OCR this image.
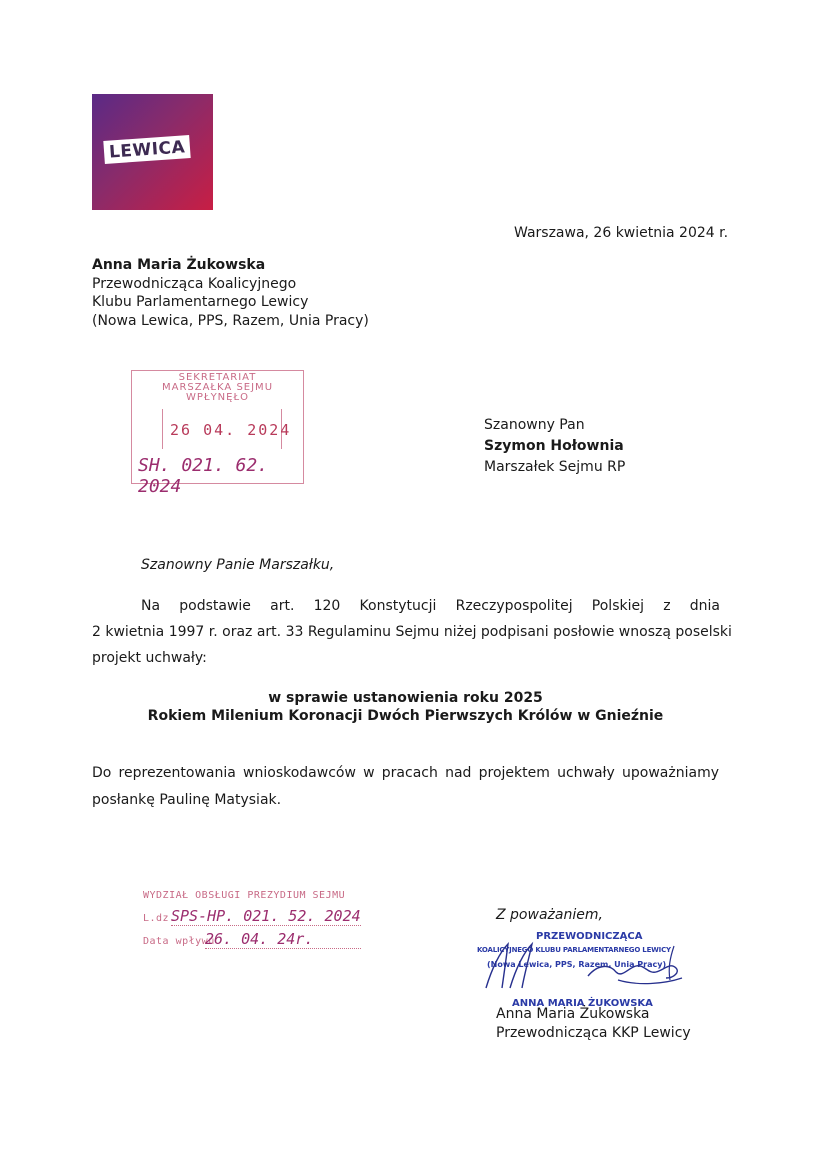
LEWICA
Warszawa, 26 kwietnia 2024 r.
Anna Maria Żukowska
Przewodnicząca Koalicyjnego
Klubu Parlamentarnego Lewicy
(Nowa Lewica, PPS, Razem, Unia Pracy)
SEKRETARIAT
MARSZAŁKA SEJMU
WPŁYNĘŁO
26 04. 2024
SH. 021. 62. 2024
Szanowny Pan
Szymon Hołownia
Marszałek Sejmu RP
Szanowny Panie Marszałku,
Na podstawie art. 120 Konstytucji Rzeczypospolitej Polskiej z dnia
2 kwietnia 1997 r. oraz art. 33 Regulaminu Sejmu niżej podpisani posłowie wnoszą poselski
projekt uchwały:
w sprawie ustanowienia roku 2025
Rokiem Milenium Koronacji Dwóch Pierwszych Królów w Gnieźnie
Do reprezentowania wnioskodawców w pracach nad projektem uchwały upoważniamy
posłankę Paulinę Matysiak.
WYDZIAŁ OBSŁUGI PREZYDIUM SEJMU
L.dz.
SPS-HP. 021. 52. 2024
Data wpływu
26. 04. 24r.
Z poważaniem,
PRZEWODNICZĄCA
KOALICYJNEGO KLUBU PARLAMENTARNEGO LEWICY
(Nowa Lewica, PPS, Razem, Unia Pracy)
ANNA MARIA ŻUKOWSKA
Anna Maria Żukowska
Przewodnicząca KKP Lewicy
